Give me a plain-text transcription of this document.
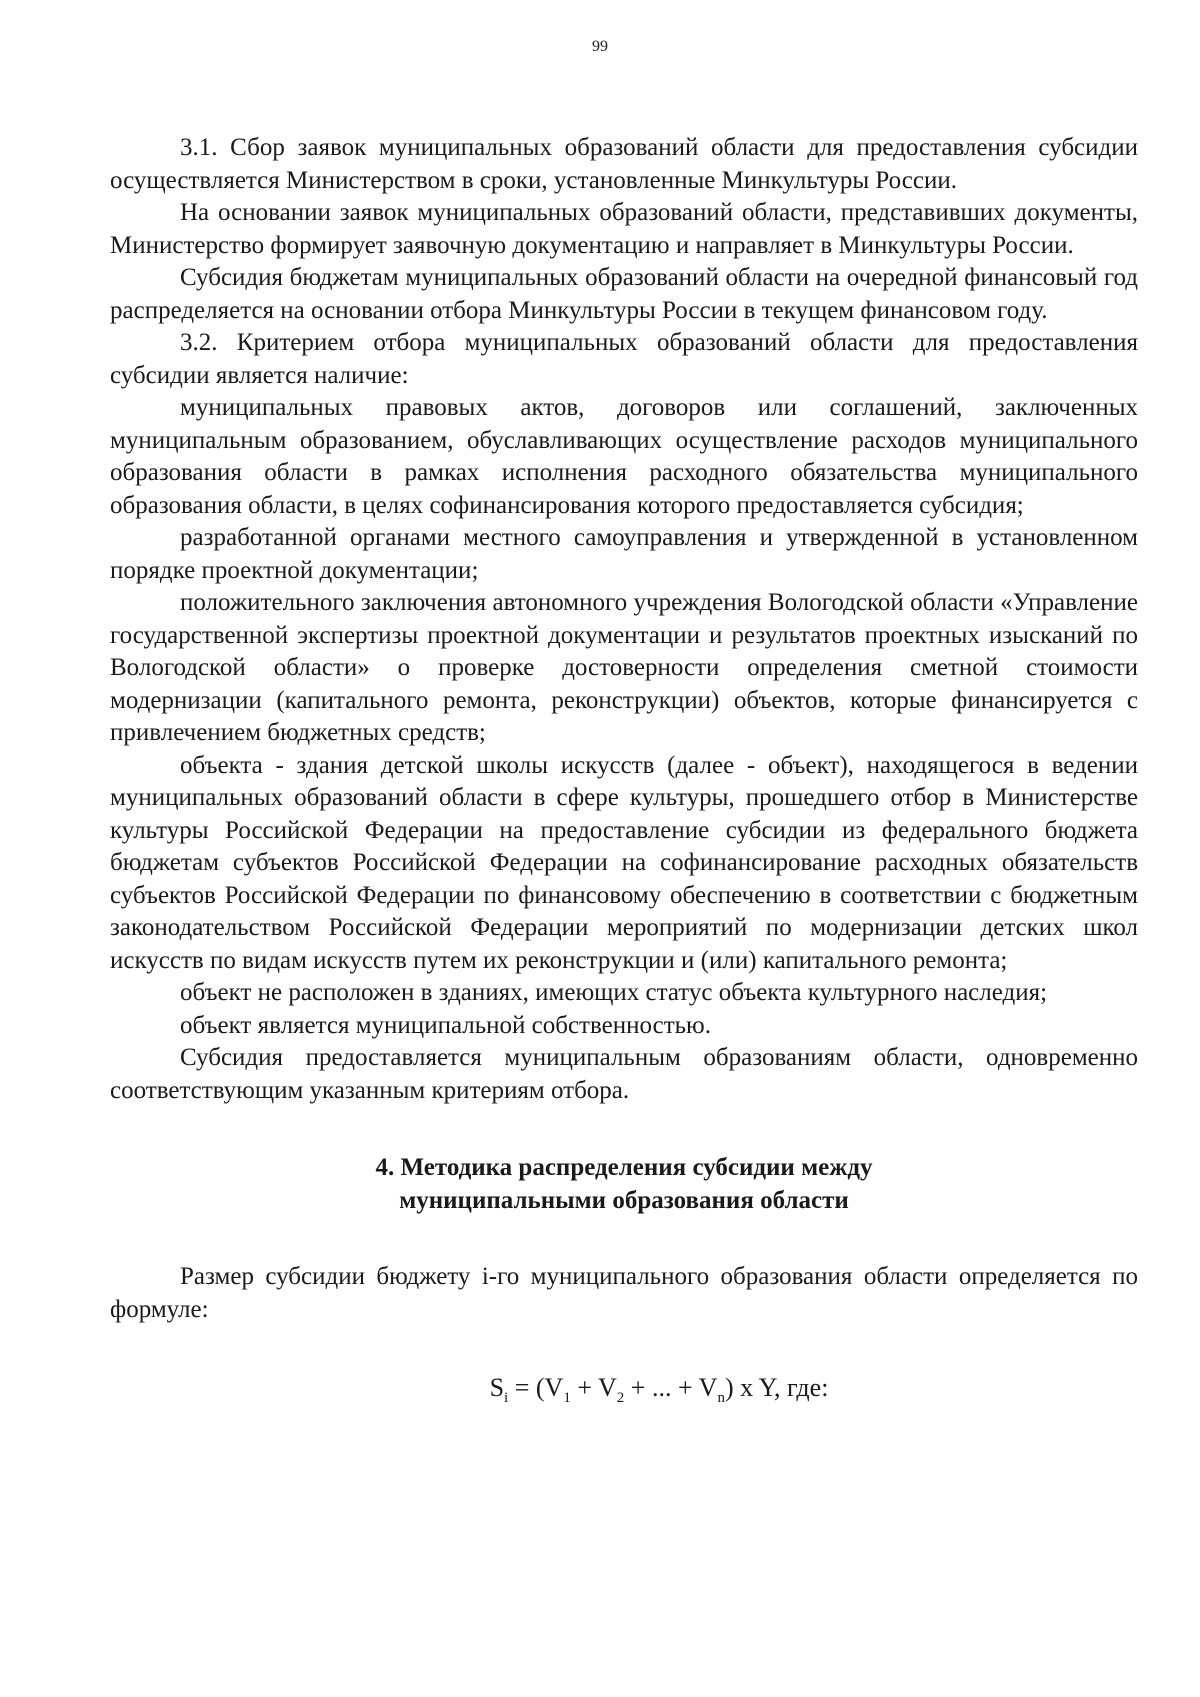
99

3.1. Сбор заявок муниципальных образований области для предоставления субсидии осуществляется Министерством в сроки, установленные Минкультуры России.

На основании заявок муниципальных образований области, представивших документы, Министерство формирует заявочную документацию и направляет в Минкультуры России.

Субсидия бюджетам муниципальных образований области на очередной финансовый год распределяется на основании отбора Минкультуры России в текущем финансовом году.

3.2. Критерием отбора муниципальных образований области для предоставления субсидии является наличие:

муниципальных правовых актов, договоров или соглашений, заключенных муниципальным образованием, обуславливающих осуществление расходов муниципального образования области в рамках исполнения расходного обязательства муниципального образования области, в целях софинансирования которого предоставляется субсидия;

разработанной органами местного самоуправления и утвержденной в установленном порядке проектной документации;

положительного заключения автономного учреждения Вологодской области «Управление государственной экспертизы проектной документации и результатов проектных изысканий по Вологодской области» о проверке достоверности определения сметной стоимости модернизации (капитального ремонта, реконструкции) объектов, которые финансируется с привлечением бюджетных средств;

объекта - здания детской школы искусств (далее - объект), находящегося в ведении муниципальных образований области в сфере культуры, прошедшего отбор в Министерстве культуры Российской Федерации на предоставление субсидии из федерального бюджета бюджетам субъектов Российской Федерации на софинансирование расходных обязательств субъектов Российской Федерации по финансовому обеспечению в соответствии с бюджетным законодательством Российской Федерации мероприятий по модернизации детских школ искусств по видам искусств путем их реконструкции и (или) капитального ремонта;

объект не расположен в зданиях, имеющих статус объекта культурного наследия;

объект является муниципальной собственностью.

Субсидия предоставляется муниципальным образованиям области, одновременно соответствующим указанным критериям отбора.

4. Методика распределения субсидии между
муниципальными образования области

Размер субсидии бюджету i-го муниципального образования области определяется по формуле:

$S_i = (V_1 + V_2$ + ... + $V_n$) x Y, где:
